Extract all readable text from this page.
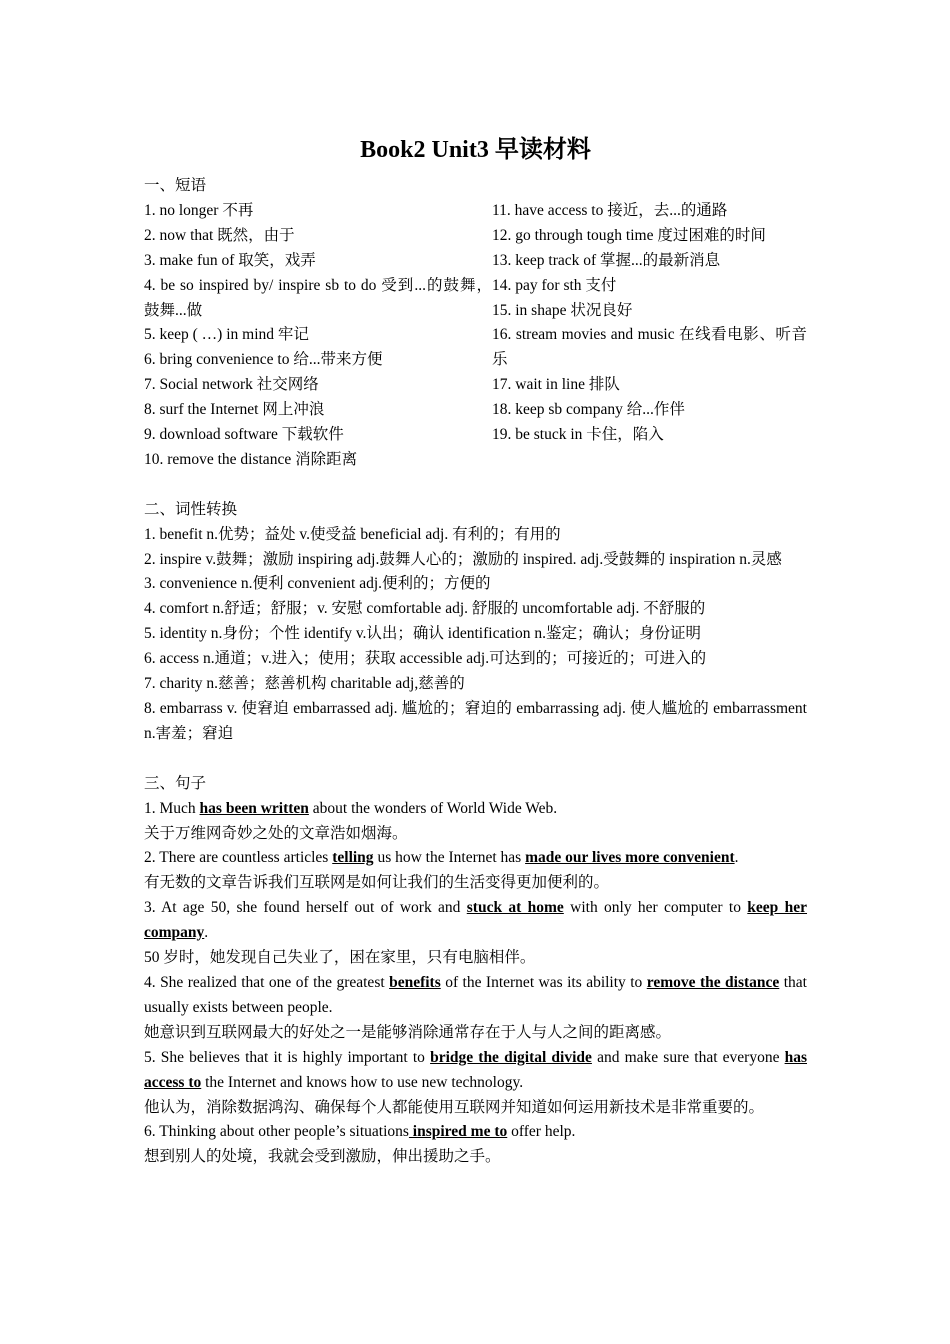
Book2 Unit3 早读材料

一、短语

1. no longer 不再

2. now that 既然，由于

3. make fun of 取笑，戏弄

4. be so inspired by/ inspire sb to do 受到...的鼓舞， 鼓舞...做

5. keep ( …) in mind 牢记

6. bring convenience to 给...带来方便

7. Social network 社交网络

8. surf the Internet 网上冲浪

9. download software 下载软件

10. remove the distance 消除距离

11. have access to 接近，去...的通路

12. go through tough time 度过困难的时间

13. keep track of 掌握...的最新消息

14. pay for sth 支付

15. in shape 状况良好

16. stream movies and music 在线看电影、听音乐

17. wait in line 排队

18. keep sb company 给...作伴

19. be stuck in 卡住，陷入

二、词性转换

1. benefit n.优势；益处 v.使受益 beneficial adj. 有利的；有用的

2. inspire v.鼓舞；激励 inspiring adj.鼓舞人心的；激励的 inspired. adj.受鼓舞的 inspiration n.灵感

3. convenience n.便利 convenient adj.便利的；方便的

4. comfort n.舒适；舒服；v. 安慰 comfortable adj. 舒服的 uncomfortable adj. 不舒服的

5. identity n.身份；个性 identify v.认出；确认 identification n.鉴定；确认；身份证明

6. access n.通道；v.进入；使用；获取 accessible adj.可达到的；可接近的；可进入的

7. charity n.慈善；慈善机构 charitable adj,慈善的

8. embarrass v. 使窘迫 embarrassed adj. 尴尬的；窘迫的 embarrassing adj. 使人尴尬的 embarrassment n.害羞；窘迫

三、句子

1. Much has been written about the wonders of World Wide Web.

关于万维网奇妙之处的文章浩如烟海。

2. There are countless articles telling us how the Internet has made our lives more convenient.

有无数的文章告诉我们互联网是如何让我们的生活变得更加便利的。

3. At age 50, she found herself out of work and stuck at home with only her computer to keep her company.

50 岁时，她发现自己失业了，困在家里，只有电脑相伴。

4. She realized that one of the greatest benefits of the Internet was its ability to remove the distance that usually exists between people.

她意识到互联网最大的好处之一是能够消除通常存在于人与人之间的距离感。

5. She believes that it is highly important to bridge the digital divide and make sure that everyone has access to the Internet and knows how to use new technology.

他认为，消除数据鸿沟、确保每个人都能使用互联网并知道如何运用新技术是非常重要的。

6. Thinking about other people’s situations inspired me to offer help.

想到别人的处境，我就会受到激励，伸出援助之手。
